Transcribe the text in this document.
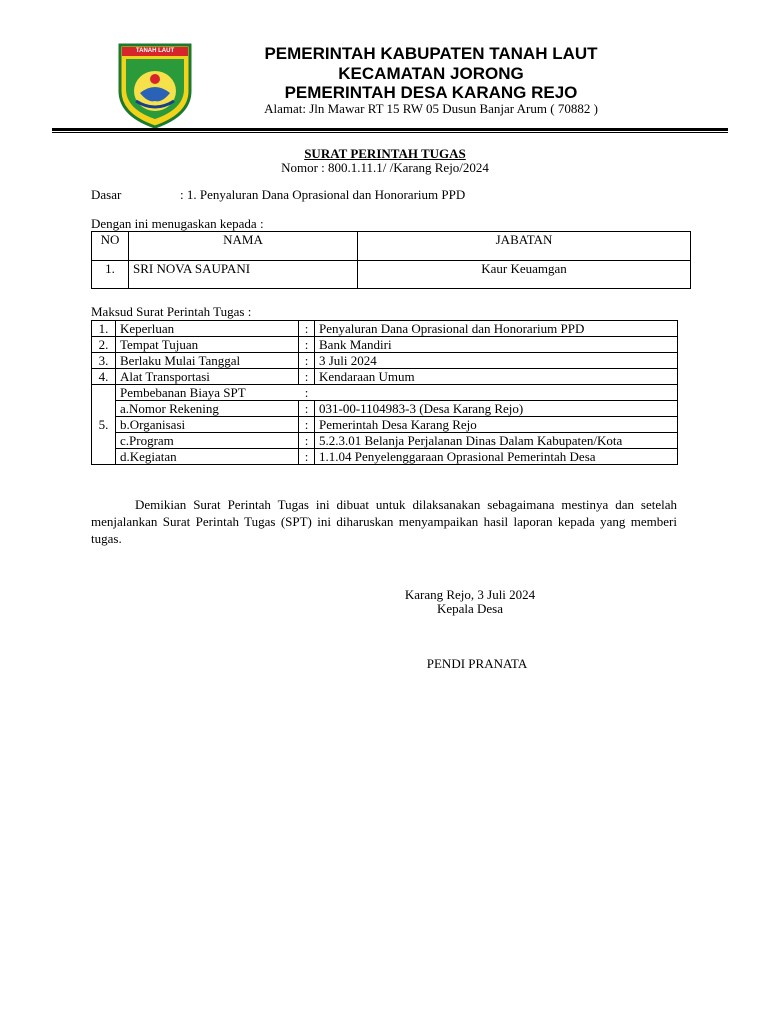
TANAH LAUT	PEMERINTAH KABUPATEN TANAH LAUT
KECAMATAN JORONG
PEMERINTAH DESA KARANG REJO
Alamat: Jln Mawar RT 15 RW 05 Dusun Banjar Arum ( 70882 )
SURAT PERINTAH TUGAS
Nomor : 800.1.11.1/ /Karang Rejo/2024
Dasar	: 1. Penyaluran Dana Oprasional dan Honorarium PPD
Dengan ini menugaskan kepada :
NO	NAMA	JABATAN
1.	SRI NOVA SAUPANI	Kaur Keuamgan
Maksud Surat Perintah Tugas :
1.	Keperluan	:	Penyaluran Dana Oprasional dan Honorarium PPD
2.	Tempat Tujuan	:	Bank Mandiri
3.	Berlaku Mulai Tanggal	:	3 Juli 2024
4.	Alat Transportasi	:	Kendaraan Umum
5.	Pembebanan Biaya SPT	:	
	a.Nomor Rekening	:	031-00-1104983-3 (Desa Karang Rejo)
	b.Organisasi	:	Pemerintah Desa Karang Rejo
	c.Program	:	5.2.3.01 Belanja Perjalanan Dinas Dalam Kabupaten/Kota
	d.Kegiatan	:	1.1.04 Penyelenggaraan Oprasional Pemerintah Desa
Demikian Surat Perintah Tugas ini dibuat untuk dilaksanakan sebagaimana mestinya dan setelah menjalankan Surat Perintah Tugas (SPT) ini diharuskan menyampaikan hasil laporan kepada yang memberi tugas.
Karang Rejo, 3 Juli 2024
Kepala Desa
PENDI PRANATA
